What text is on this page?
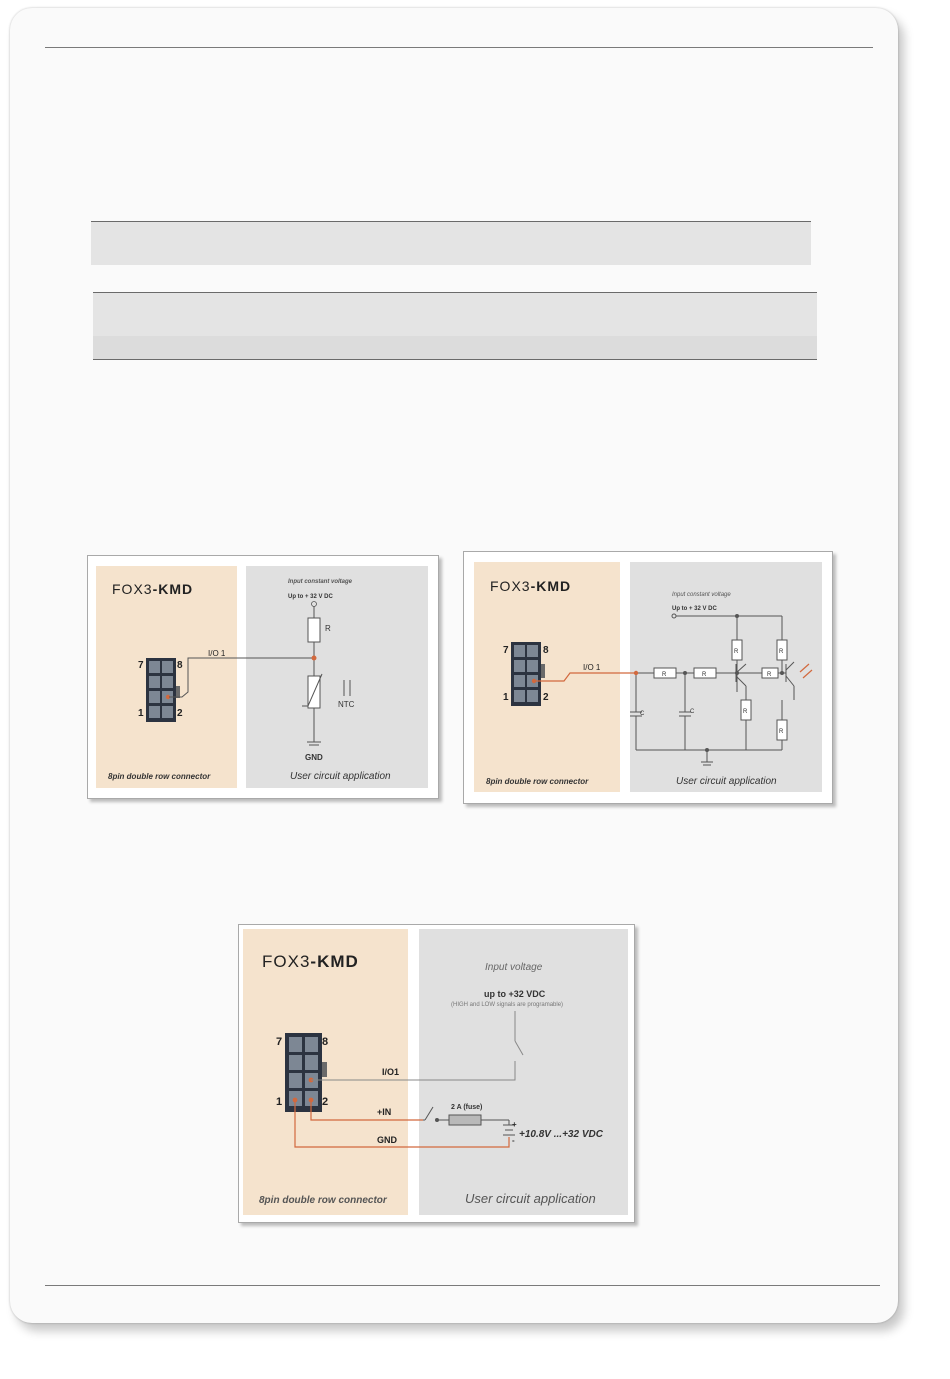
FOX3-KMD
7	8
1	2
I/O 1
Input constant voltage
Up to + 32 V DC
R
NTC
GND
8pin double row connector	User circuit application
FOX3-KMD
7	8
1	2
I/O 1
Input constant voltage
Up to + 32 V DC
R	R
R
R
R
R
R
C	C
8pin double row connector	User circuit application
FOX3-KMD
7	8
1	2
Input voltage
up to +32 VDC
(HIGH and LOW signals are programable)
I/O1
+IN
GND
2 A (fuse)
+
-
+10.8V ...+32 VDC
8pin double row connector	User circuit application
